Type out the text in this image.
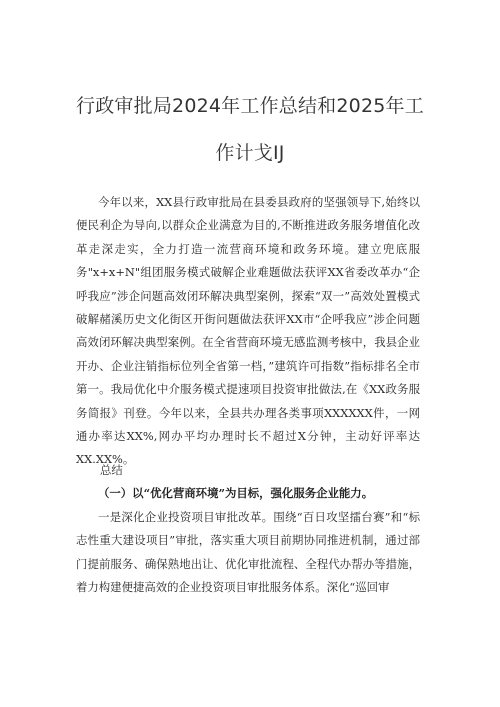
行政审批局2024年工作总结和2025年工
作计戈IJ

今年以来，XX县行政审批局在县委县政府的坚强领导下,始终以便民利企为导向,以群众企业满意为目的,不断推进政务服务增值化改革走深走实，全力打造一流营商环境和政务环境。建立兜底服务"x+x+N"组团服务模式破解企业难题做法获评XX省委改革办“企呼我应”涉企问题高效闭环解决典型案例，探索“双一”高效处置模式破解赭溪历史文化街区开街问题做法获评XX市“企呼我应”涉企问题高效闭环解决典型案例。在全省营商环境无感监测考核中，我县企业开办、企业注销指标位列全省第一档，”建筑许可指数”指标排名全市第一。我局优化中介服务模式提速项目投资审批做法,在《XX政务服务简报》刊登。今年以来，全县共办理各类事项XXXXXX件，一网通办率达XX%,网办平均办理时长不超过X分钟，主动好评率达XX.XX%。

总结

（一）以“优化营商环境”为目标，强化服务企业能力。

一是深化企业投资项目审批改革。围绕“百日攻坚擂台赛”和“标志性重大建设项目”审批，落实重大项目前期协同推进机制，通过部门提前服务、确保熟地出让、优化审批流程、全程代办帮办等措施，着力构建便捷高效的企业投资项目审批服务体系。深化“巡回审
